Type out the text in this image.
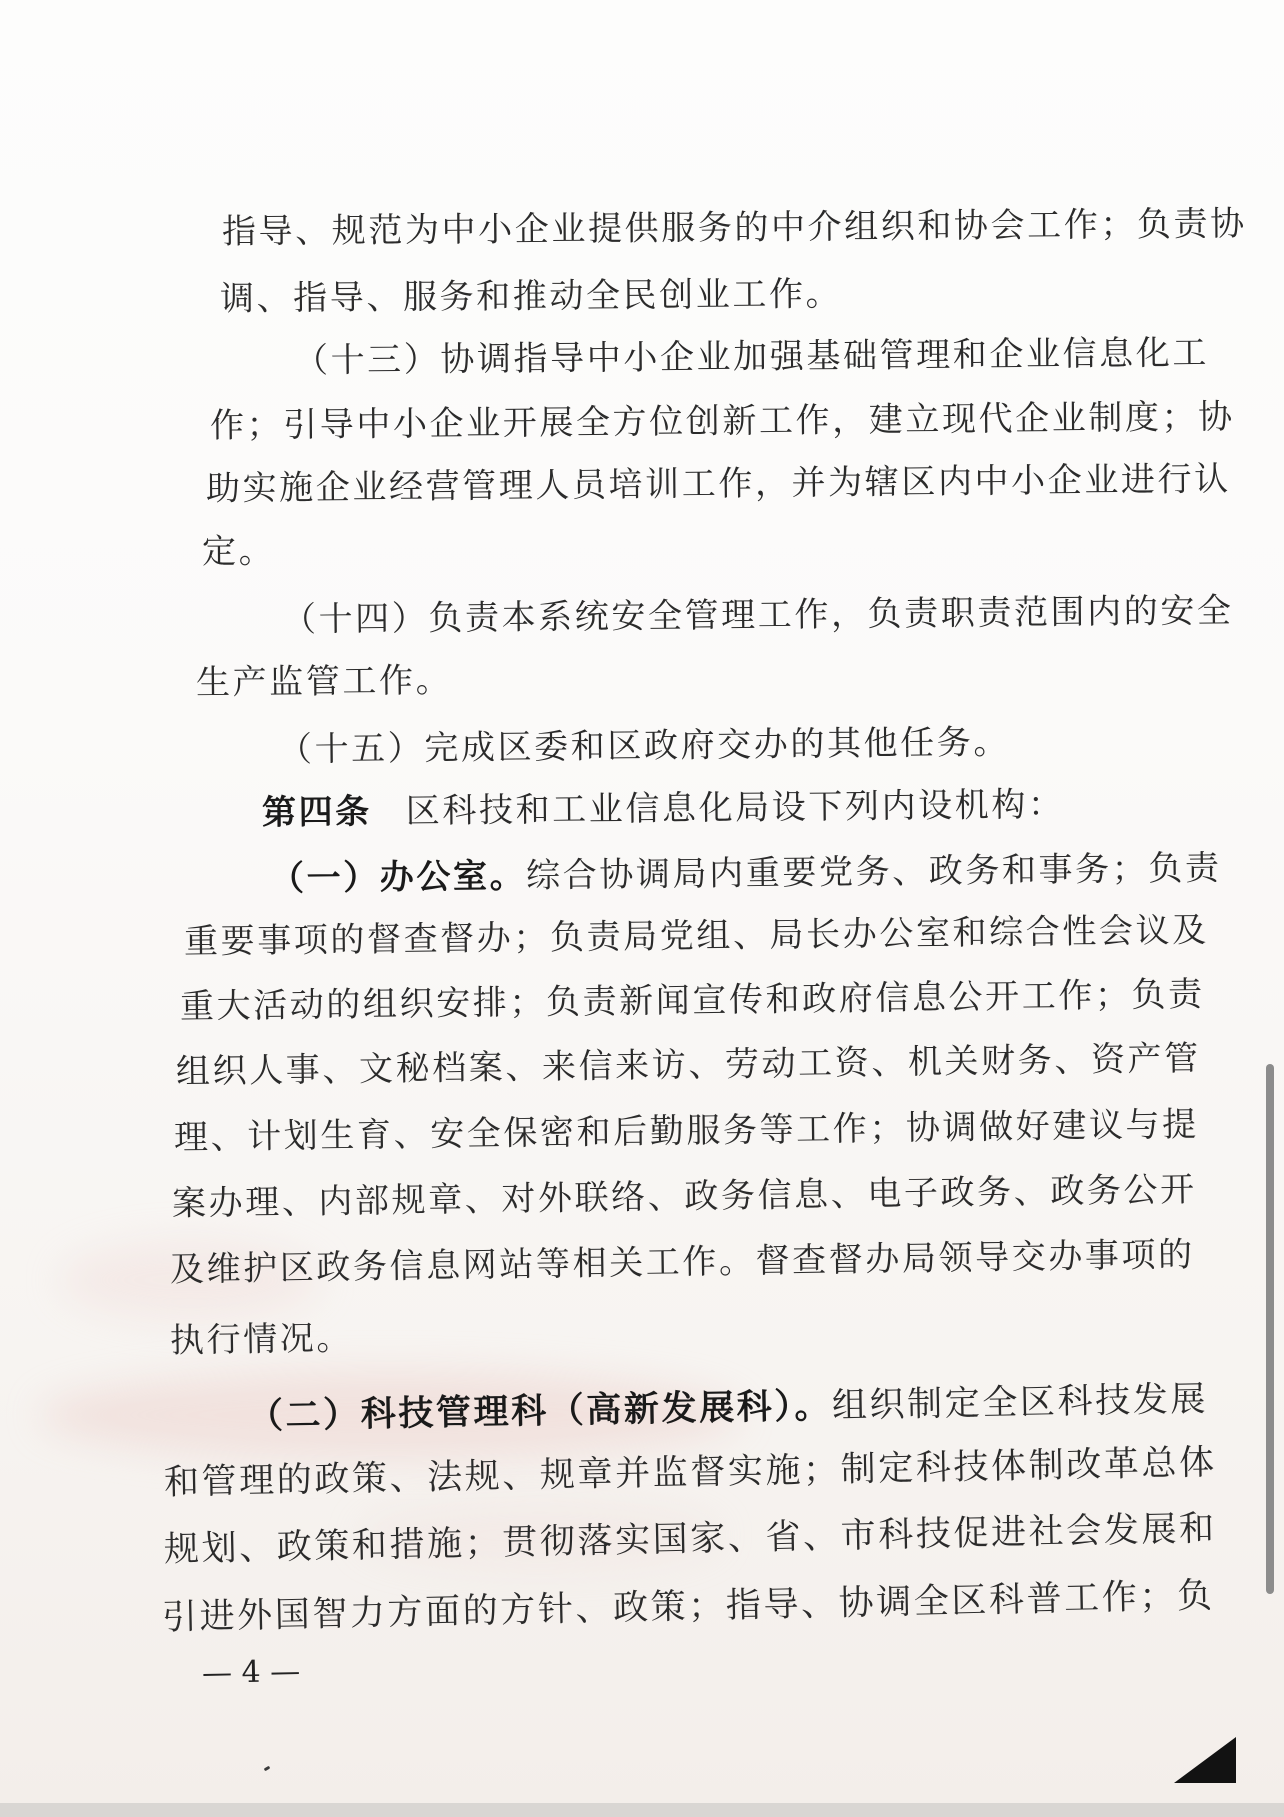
指导、规范为中小企业提供服务的中介组织和协会工作；负责协

调、指导、服务和推动全民创业工作。

（十三）协调指导中小企业加强基础管理和企业信息化工

作；引导中小企业开展全方位创新工作，建立现代企业制度；协

助实施企业经营管理人员培训工作，并为辖区内中小企业进行认

定。

（十四）负责本系统安全管理工作，负责职责范围内的安全

生产监管工作。

（十五）完成区委和区政府交办的其他任务。

第四条 区科技和工业信息化局设下列内设机构：

（一）办公室。综合协调局内重要党务、政务和事务；负责

重要事项的督查督办；负责局党组、局长办公室和综合性会议及

重大活动的组织安排；负责新闻宣传和政府信息公开工作；负责

组织人事、文秘档案、来信来访、劳动工资、机关财务、资产管

理、计划生育、安全保密和后勤服务等工作；协调做好建议与提

案办理、内部规章、对外联络、政务信息、电子政务、政务公开

及维护区政务信息网站等相关工作。督查督办局领导交办事项的

执行情况。

（二）科技管理科（高新发展科）。组织制定全区科技发展

和管理的政策、法规、规章并监督实施；制定科技体制改革总体

规划、政策和措施；贯彻落实国家、省、市科技促进社会发展和

引进外国智力方面的方针、政策；指导、协调全区科普工作；负

— 4 —
